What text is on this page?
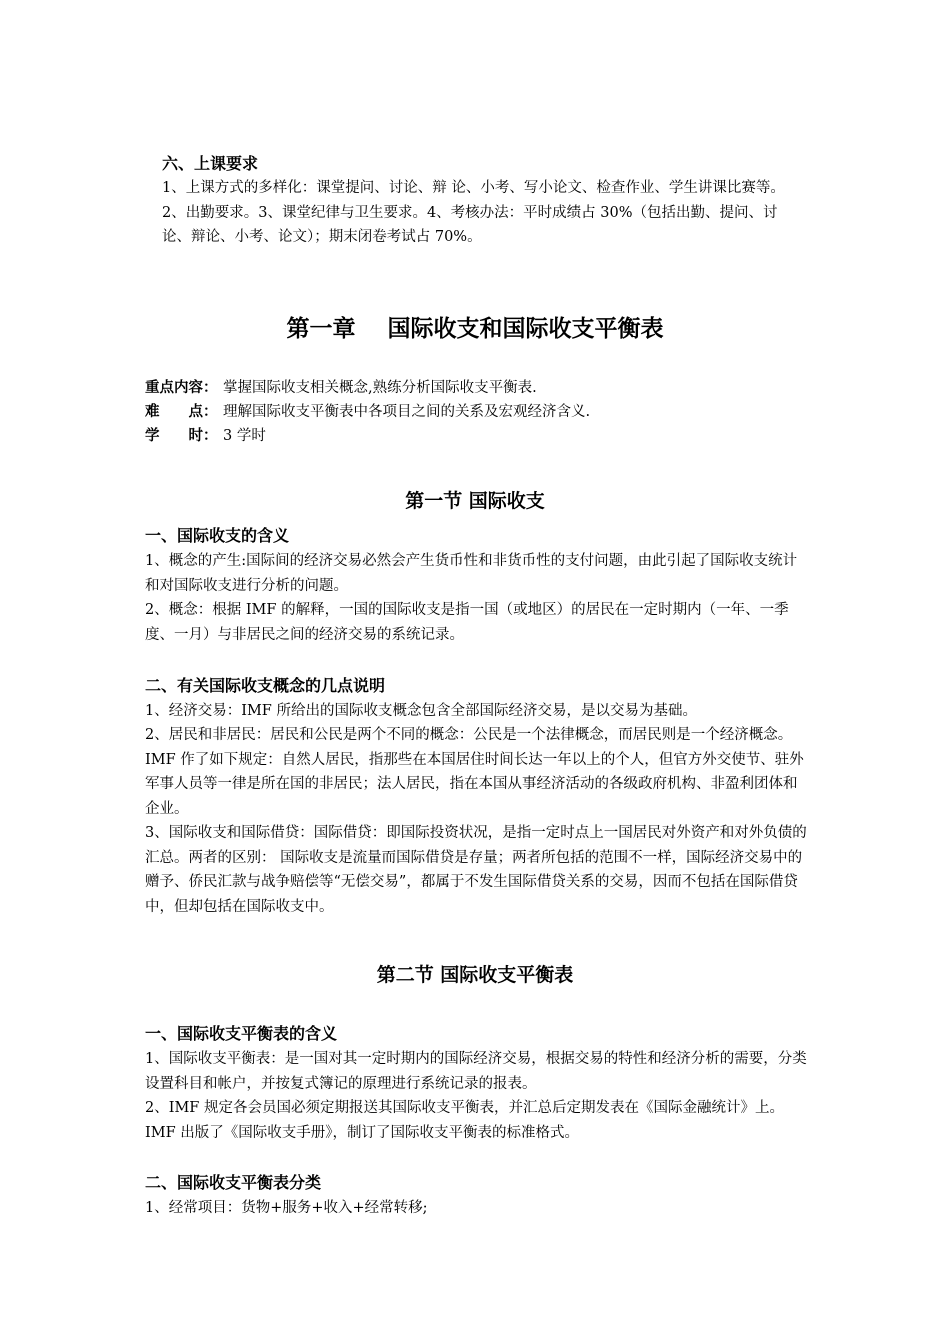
六、上课要求

1、上课方式的多样化：课堂提问、讨论、辩 论、小考、写小论文、检查作业、学生讲课比赛等。2、出勤要求。3、课堂纪律与卫生要求。4、考核办法：平时成绩占 30%（包括出勤、提问、讨论、辩论、小考、论文）；期末闭卷考试占 70%。

第一章 国际收支和国际收支平衡表
重点内容： 掌握国际收支相关概念,熟练分析国际收支平衡表.
难　　点： 理解国际收支平衡表中各项目之间的关系及宏观经济含义.
学　　时： 3 学时
第一节 国际收支
一、国际收支的含义

1、概念的产生:国际间的经济交易必然会产生货币性和非货币性的支付问题，由此引起了国际收支统计和对国际收支进行分析的问题。

2、概念：根据 IMF 的解释，一国的国际收支是指一国（或地区）的居民在一定时期内（一年、一季度、一月）与非居民之间的经济交易的系统记录。

二、有关国际收支概念的几点说明

1、经济交易：IMF 所给出的国际收支概念包含全部国际经济交易，是以交易为基础。

2、居民和非居民：居民和公民是两个不同的概念：公民是一个法律概念，而居民则是一个经济概念。 IMF 作了如下规定：自然人居民，指那些在本国居住时间长达一年以上的个人，但官方外交使节、驻外军事人员等一律是所在国的非居民；法人居民，指在本国从事经济活动的各级政府机构、非盈利团体和企业。

3、国际收支和国际借贷：国际借贷：即国际投资状况，是指一定时点上一国居民对外资产和对外负债的汇总。两者的区别： 国际收支是流量而国际借贷是存量；两者所包括的范围不一样，国际经济交易中的赠予、侨民汇款与战争赔偿等“无偿交易”，都属于不发生国际借贷关系的交易，因而不包括在国际借贷中，但却包括在国际收支中。

第二节 国际收支平衡表
一、国际收支平衡表的含义

1、国际收支平衡表：是一国对其一定时期内的国际经济交易，根据交易的特性和经济分析的需要，分类设置科目和帐户，并按复式簿记的原理进行系统记录的报表。

2、IMF 规定各会员国必须定期报送其国际收支平衡表，并汇总后定期发表在《国际金融统计》上。IMF 出版了《国际收支手册》，制订了国际收支平衡表的标准格式。

二、国际收支平衡表分类

1、经常项目：货物+服务+收入+经常转移;
